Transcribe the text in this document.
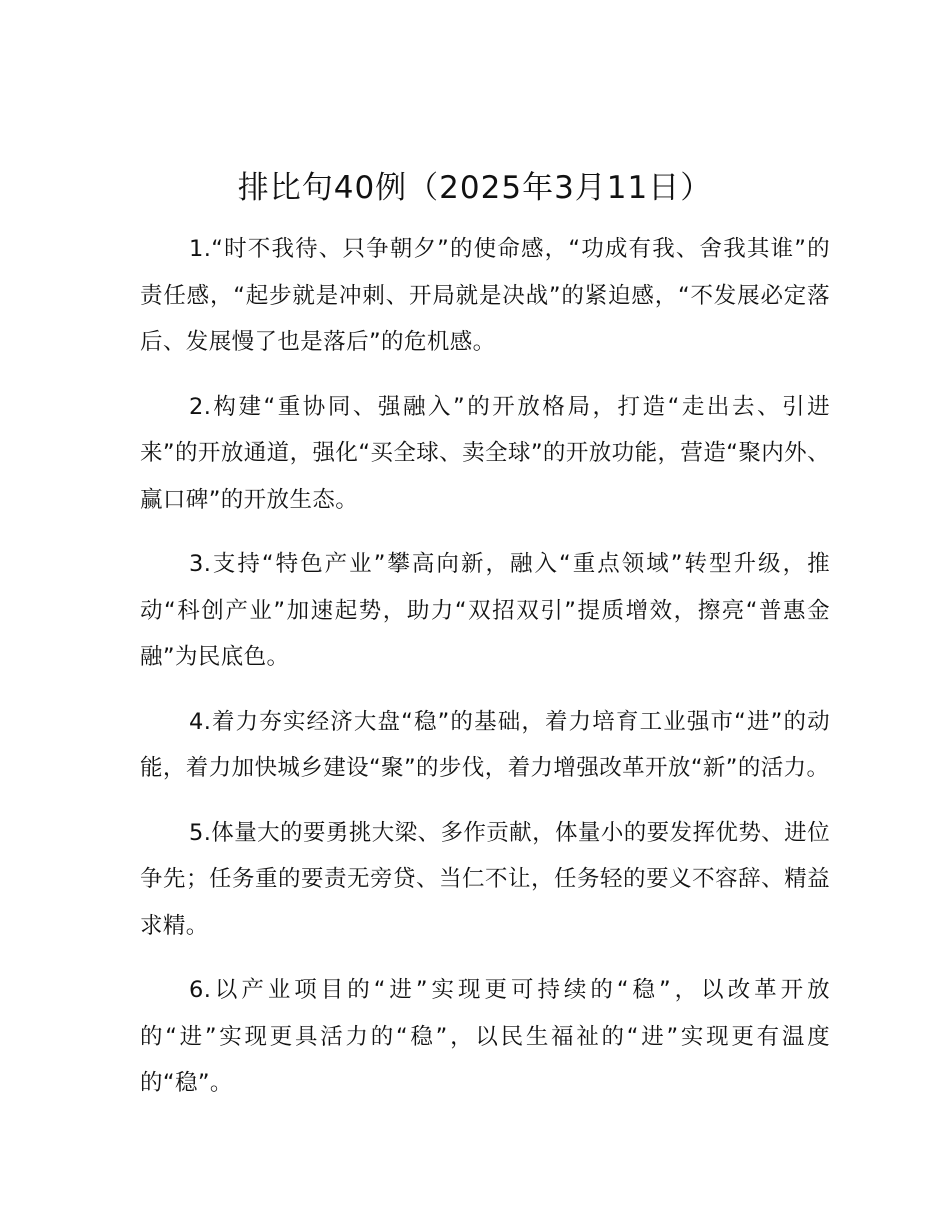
排比句40例（2025年3月11日）

1.“时不我待、只争朝夕”的使命感，“功成有我、舍我其谁”的责任感，“起步就是冲刺、开局就是决战”的紧迫感，“不发展必定落后、发展慢了也是落后”的危机感。

2.构建“重协同、强融入”的开放格局，打造“走出去、引进来”的开放通道，强化“买全球、卖全球”的开放功能，营造“聚内外、赢口碑”的开放生态。

3.支持“特色产业”攀高向新，融入“重点领域”转型升级，推动“科创产业”加速起势，助力“双招双引”提质增效，擦亮“普惠金融”为民底色。

4.着力夯实经济大盘“稳”的基础，着力培育工业强市“进”的动能，着力加快城乡建设“聚”的步伐，着力增强改革开放“新”的活力。

5.体量大的要勇挑大梁、多作贡献，体量小的要发挥优势、进位争先；任务重的要责无旁贷、当仁不让，任务轻的要义不容辞、精益求精。

6.以产业项目的“进”实现更可持续的“稳”，以改革开放的“进”实现更具活力的“稳”，以民生福祉的“进”实现更有温度的“稳”。
